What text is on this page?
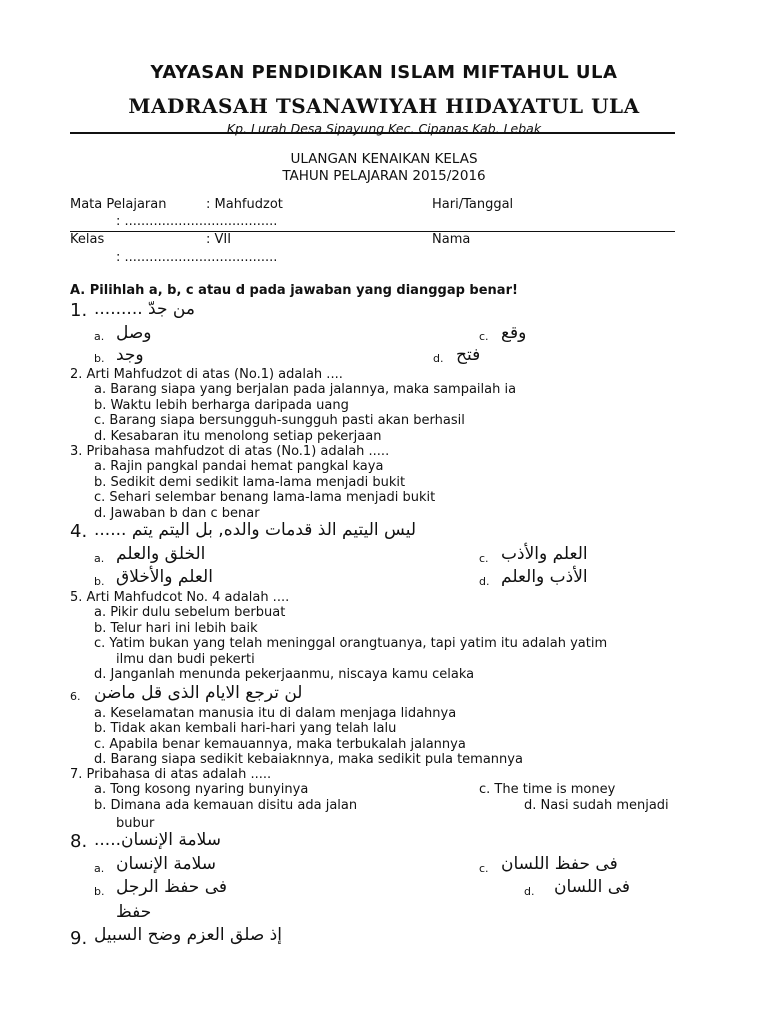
YAYASAN PENDIDIKAN ISLAM MIFTAHUL ULA
MADRASAH TSANAWIYAH HIDAYATUL ULA
Kp. Lurah Desa Sipayung Kec. Cipanas Kab. Lebak
ULANGAN KENAIKAN KELAS
TAHUN PELAJARAN 2015/2016
Mata Pelajaran	: Mahfudzot	Hari/Tanggal
: .....................................
Kelas	: VII	Nama
: .....................................
A. Pilihlah a, b, c atau d pada jawaban yang dianggap benar!
1. من جدّ .........
a. وصل	c. وقع
b. وجد	d. فتح
2. Arti Mahfudzot di atas (No.1) adalah ....
a. Barang siapa yang berjalan pada jalannya, maka sampailah ia
b. Waktu lebih berharga daripada uang
c. Barang siapa bersungguh-sungguh pasti akan berhasil
d. Kesabaran itu menolong setiap pekerjaan
3. Pribahasa mahfudzot di atas (No.1) adalah .....
a. Rajin pangkal pandai hemat pangkal kaya
b. Sedikit demi sedikit lama-lama menjadi bukit
c. Sehari selembar benang lama-lama menjadi bukit
d. Jawaban b dan c benar
4. ليس اليتيم الذ قدمات والده, بل اليتم يتم ......
a. الخلق والعلم	c. العلم والأذب
b. العلم والأخلاق	d. الأذب والعلم
5. Arti Mahfudcot No. 4 adalah ....
a. Pikir dulu sebelum berbuat
b. Telur hari ini lebih baik
c. Yatim bukan yang telah meninggal orangtuanya, tapi yatim itu adalah yatim
ilmu dan budi pekerti
d. Janganlah menunda pekerjaanmu, niscaya kamu celaka
6. لن ترجع الايام الذى قل ماضن
a. Keselamatan manusia itu di dalam menjaga lidahnya
b. Tidak akan kembali hari-hari yang telah lalu
c. Apabila benar kemauannya, maka terbukalah jalannya
d. Barang siapa sedikit kebaiaknnya, maka sedikit pula temannya
7. Pribahasa di atas adalah .....
a. Tong kosong nyaring bunyinya	c. The time is money
b. Dimana ada kemauan disitu ada jalan	d. Nasi sudah menjadi
bubur
8. سلامة الإنسان.....
a. سلامة الإنسان	c. فى حفظ اللسان
b. فى حفظ الرجل	d. فى اللسان
حفظ
9. إذ صلق العزم وضح السبيل
